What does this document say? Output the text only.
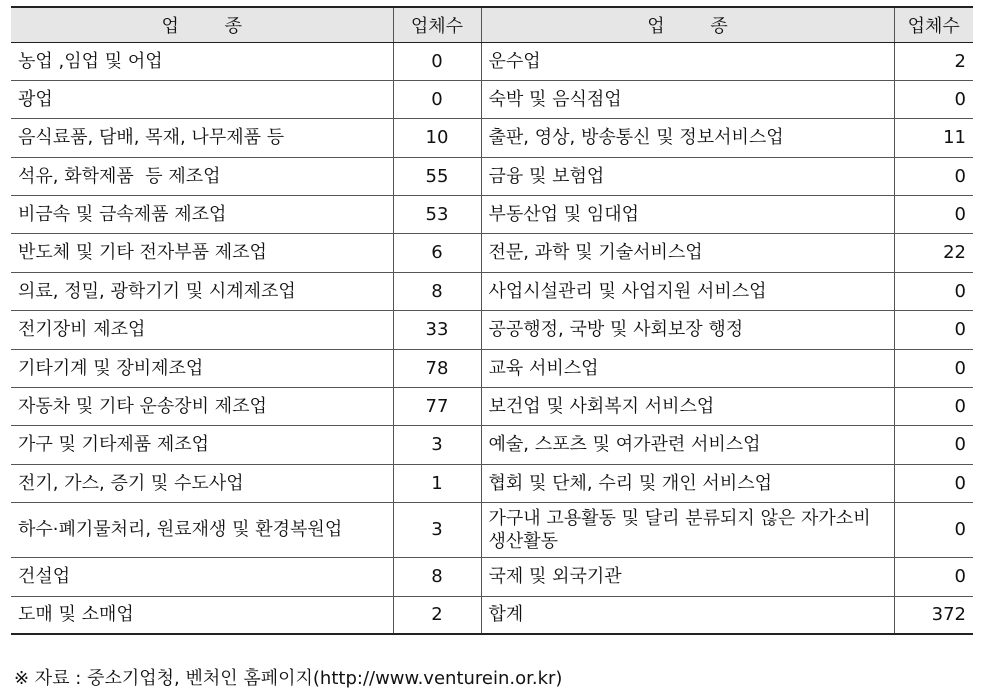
업        종	업체수	업        종	업체수
농업 ,임업 및 어업	0	운수업	2
광업	0	숙박 및 음식점업	0
음식료품, 담배, 목재, 나무제품 등	10	출판, 영상, 방송통신 및 정보서비스업	11
석유, 화학제품  등 제조업	55	금융 및 보험업	0
비금속 및 금속제품 제조업	53	부동산업 및 임대업	0
반도체 및 기타 전자부품 제조업	6	전문, 과학 및 기술서비스업	22
의료, 정밀, 광학기기 및 시계제조업	8	사업시설관리 및 사업지원 서비스업	0
전기장비 제조업	33	공공행정, 국방 및 사회보장 행정	0
기타기계 및 장비제조업	78	교육 서비스업	0
자동차 및 기타 운송장비 제조업	77	보건업 및 사회복지 서비스업	0
가구 및 기타제품 제조업	3	예술, 스포츠 및 여가관련 서비스업	0
전기, 가스, 증기 및 수도사업	1	협회 및 단체, 수리 및 개인 서비스업	0
하수·폐기물처리, 원료재생 및 환경복원업	3	가구내 고용활동 및 달리 분류되지 않은 자가소비 생산활동	0
건설업	8	국제 및 외국기관	0
도매 및 소매업	2	합계	372
※ 자료 : 중소기업청, 벤처인 홈페이지(http://www.venturein.or.kr)
